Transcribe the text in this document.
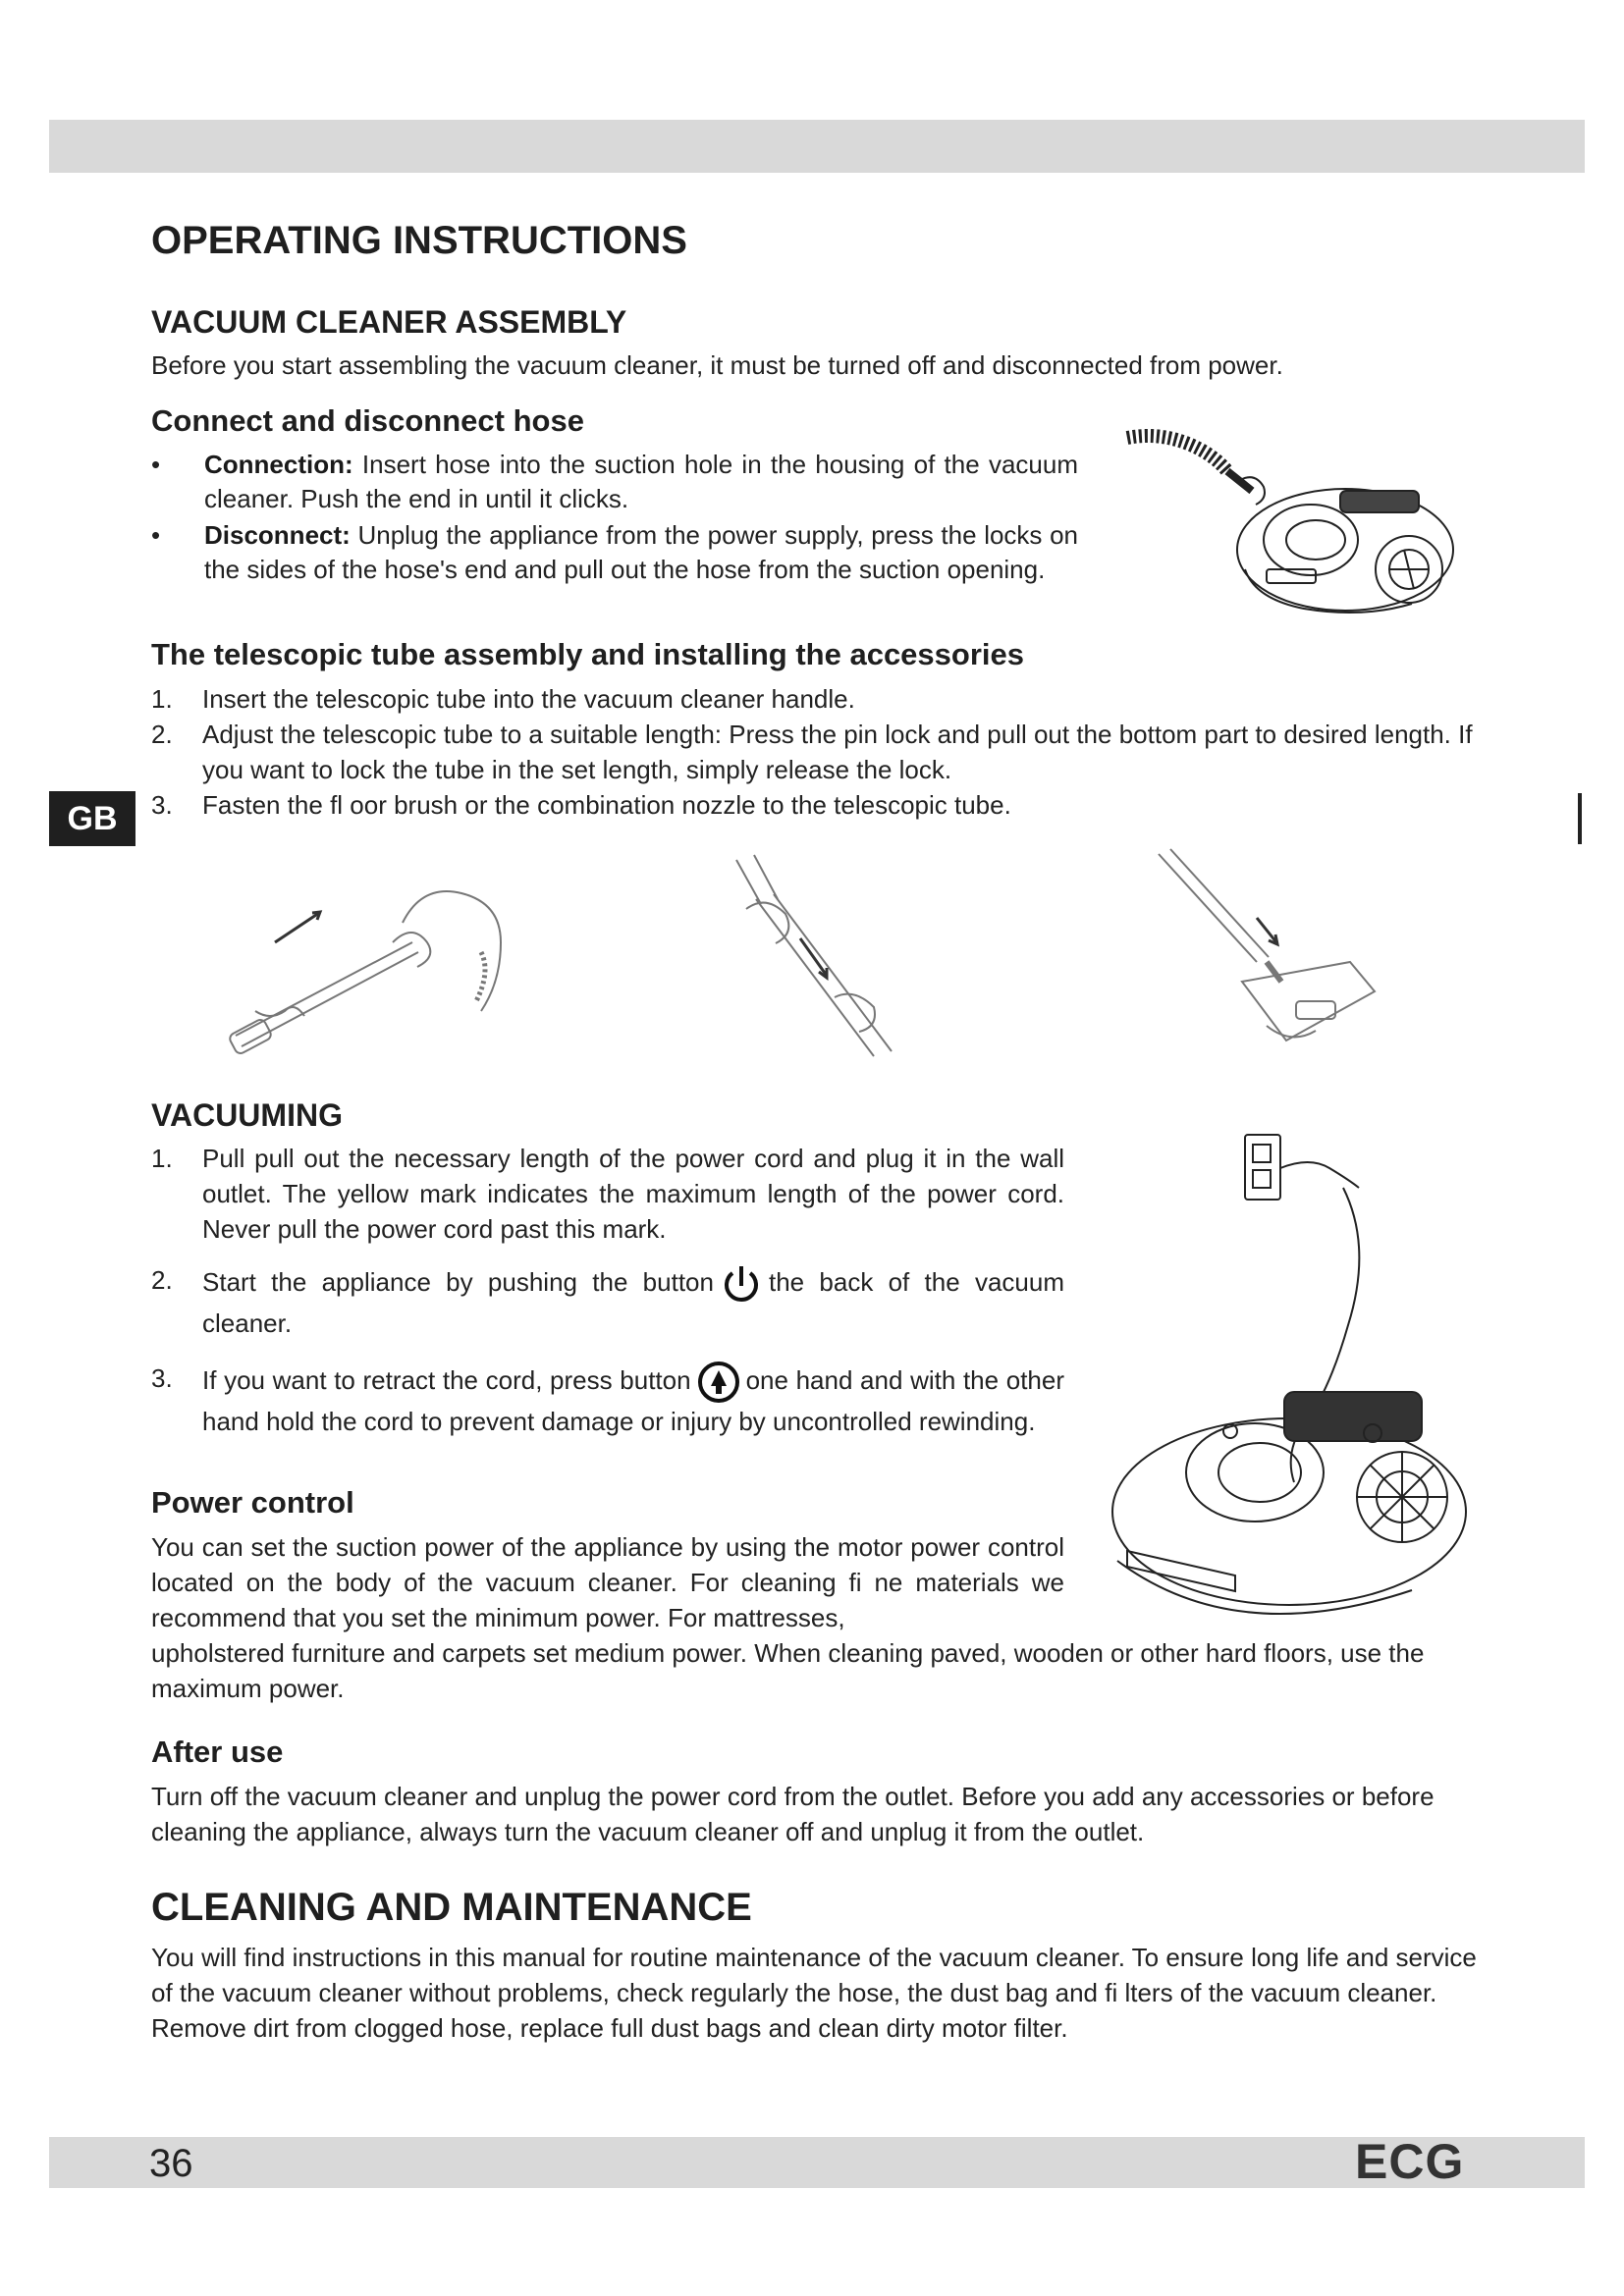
36	ECG
GB
OPERATING INSTRUCTIONS
VACUUM CLEANER ASSEMBLY

Before you start assembling the vacuum cleaner, it must be turned off and disconnected from power.

Connect and disconnect hose
• Connection: Insert hose into the suction hole in the housing of the vacuum cleaner. Push the end in until it clicks.
• Disconnect: Unplug the appliance from the power supply, press the locks on the sides of the hose's end and pull out the hose from the suction opening.
The telescopic tube assembly and installing the accessories
1. Insert the telescopic tube into the vacuum cleaner handle.
2. Adjust the telescopic tube to a suitable length: Press the pin lock and pull out the bottom part to desired length. If you want to lock the tube in the set length, simply release the lock.
3. Fasten the fl oor brush or the combination nozzle to the telescopic tube.
VACUUMING
1. Pull pull out the necessary length of the power cord and plug it in the wall outlet. The yellow mark indicates the maximum length of the power cord. Never pull the power cord past this mark.
2. Start the appliance by pushing the button the back of the vacuum cleaner.
3. If you want to retract the cord, press button one hand and with the other hand hold the cord to prevent damage or injury by uncontrolled rewinding.
Power control

You can set the suction power of the appliance by using the motor power control located on the body of the vacuum cleaner. For cleaning fi ne materials we recommend that you set the minimum power. For mattresses,

upholstered furniture and carpets set medium power. When cleaning paved, wooden or other hard floors, use the maximum power.

After use

Turn off the vacuum cleaner and unplug the power cord from the outlet. Before you add any accessories or before cleaning the appliance, always turn the vacuum cleaner off and unplug it from the outlet.

CLEANING AND MAINTENANCE

You will find instructions in this manual for routine maintenance of the vacuum cleaner. To ensure long life and service of the vacuum cleaner without problems, check regularly the hose, the dust bag and fi lters of the vacuum cleaner. Remove dirt from clogged hose, replace full dust bags and clean dirty motor filter.
